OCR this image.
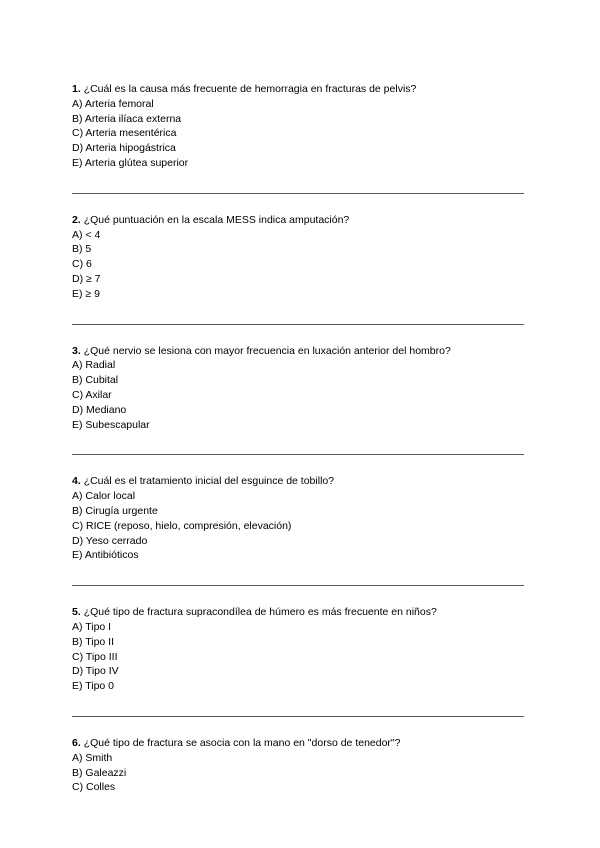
1. ¿Cuál es la causa más frecuente de hemorragia en fracturas de pelvis?

A) Arteria femoral

B) Arteria ilíaca externa

C) Arteria mesentérica

D) Arteria hipogástrica

E) Arteria glútea superior

2. ¿Qué puntuación en la escala MESS indica amputación?

A) < 4

B) 5

C) 6

D) ≥ 7

E) ≥ 9

3. ¿Qué nervio se lesiona con mayor frecuencia en luxación anterior del hombro?

A) Radial

B) Cubital

C) Axilar

D) Mediano

E) Subescapular

4. ¿Cuál es el tratamiento inicial del esguince de tobillo?

A) Calor local

B) Cirugía urgente

C) RICE (reposo, hielo, compresión, elevación)

D) Yeso cerrado

E) Antibióticos

5. ¿Qué tipo de fractura supracondílea de húmero es más frecuente en niños?

A) Tipo I

B) Tipo II

C) Tipo III

D) Tipo IV

E) Tipo 0

6. ¿Qué tipo de fractura se asocia con la mano en "dorso de tenedor"?

A) Smith

B) Galeazzi

C) Colles
